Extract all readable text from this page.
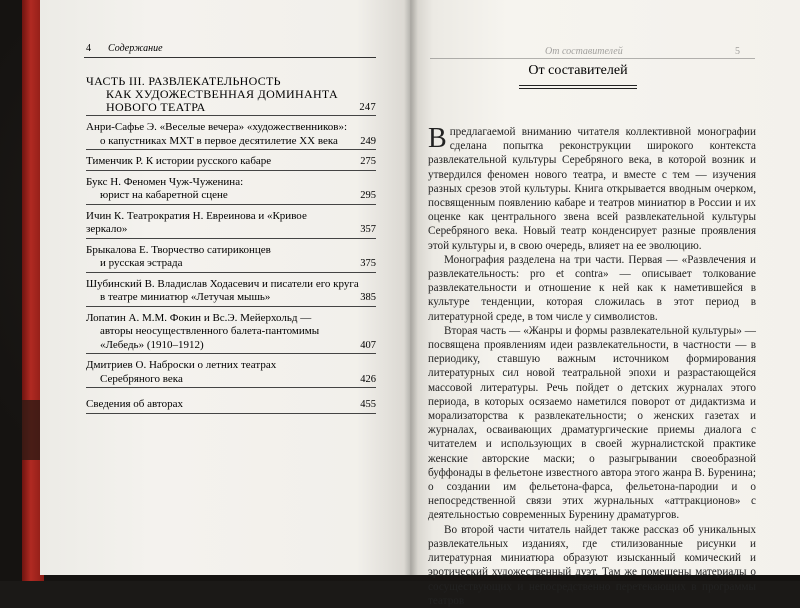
4 Содержание	От составителей	5
ЧАСТЬ III. РАЗВЛЕКАТЕЛЬНОСТЬ
КАК ХУДОЖЕСТВЕННАЯ ДОМИНАНТА
НОВОГО ТЕАТРА	247
Анри-Сафье Э. «Веселые вечера» «художественников»:
о капустниках МХТ в первое десятилетие XX века	249
Тименчик Р. К истории русского кабаре	275
Букс Н. Феномен Чуж-Чуженина:
юрист на кабаретной сцене	295
Ичин К. Театрократия Н. Евреинова и «Кривое зеркало»	357
Брыкалова Е. Творчество сатириконцев
и русская эстрада	375
Шубинский В. Владислав Ходасевич и писатели его круга
в театре миниатюр «Летучая мышь»	385
Лопатин А. М.М. Фокин и Вс.Э. Мейерхольд —
авторы неосуществленного балета-пантомимы
«Лебедь» (1910–1912)	407
Дмитриев О. Наброски о летних театрах
Серебряного века	426
Сведения об авторах	455
От составителей

Впредлагаемой вниманию читателя коллективной монографии сделана попытка реконструкции широкого контекста развлекательной культуры Серебряного века, в которой возник и утвердился феномен нового театра, и вместе с тем — изучения разных срезов этой культуры. Книга открывается вводным очерком, посвященным появлению кабаре и театров миниатюр в России и их оценке как центрального звена всей развлекательной культуры Серебряного века. Новый театр конденсирует разные проявления этой культуры и, в свою очередь, влияет на ее эволюцию.

Монография разделена на три части. Первая — «Развлечения и развлекательность: pro et contra» — описывает толкование развлекательности и отношение к ней как к наметившейся в культуре тенденции, которая сложилась в этот период в литературной среде, в том числе у символистов.

Вторая часть — «Жанры и формы развлекательной культуры» — посвящена проявлениям идеи развлекательности, в частности — в периодику, ставшую важным источником формирования литературных сил новой театральной эпохи и разрастающейся массовой литературы. Речь пойдет о детских журналах этого периода, в которых осязаемо наметился поворот от дидактизма и морализаторства к развлекательности; о женских газетах и журналах, осваивающих драматургические приемы диалога с читателем и использующих в своей журналистской практике женские авторские маски; о разыгрывании своеобразной буффонады в фельетоне известного автора этого жанра В. Буренина; о создании им фельетона-фарса, фельетона-пародии и о непосредственной связи этих журнальных «аттракционов» с деятельностью современных Буренину драматургов.

Во второй части читатель найдет также рассказ об уникальных развлекательных изданиях, где стилизованные рисунки и литературная миниатюра образуют изысканный комический и эротический художественный дуэт. Там же помещены материалы о сосуществующих и непосредственно перетекающих в программы театров
